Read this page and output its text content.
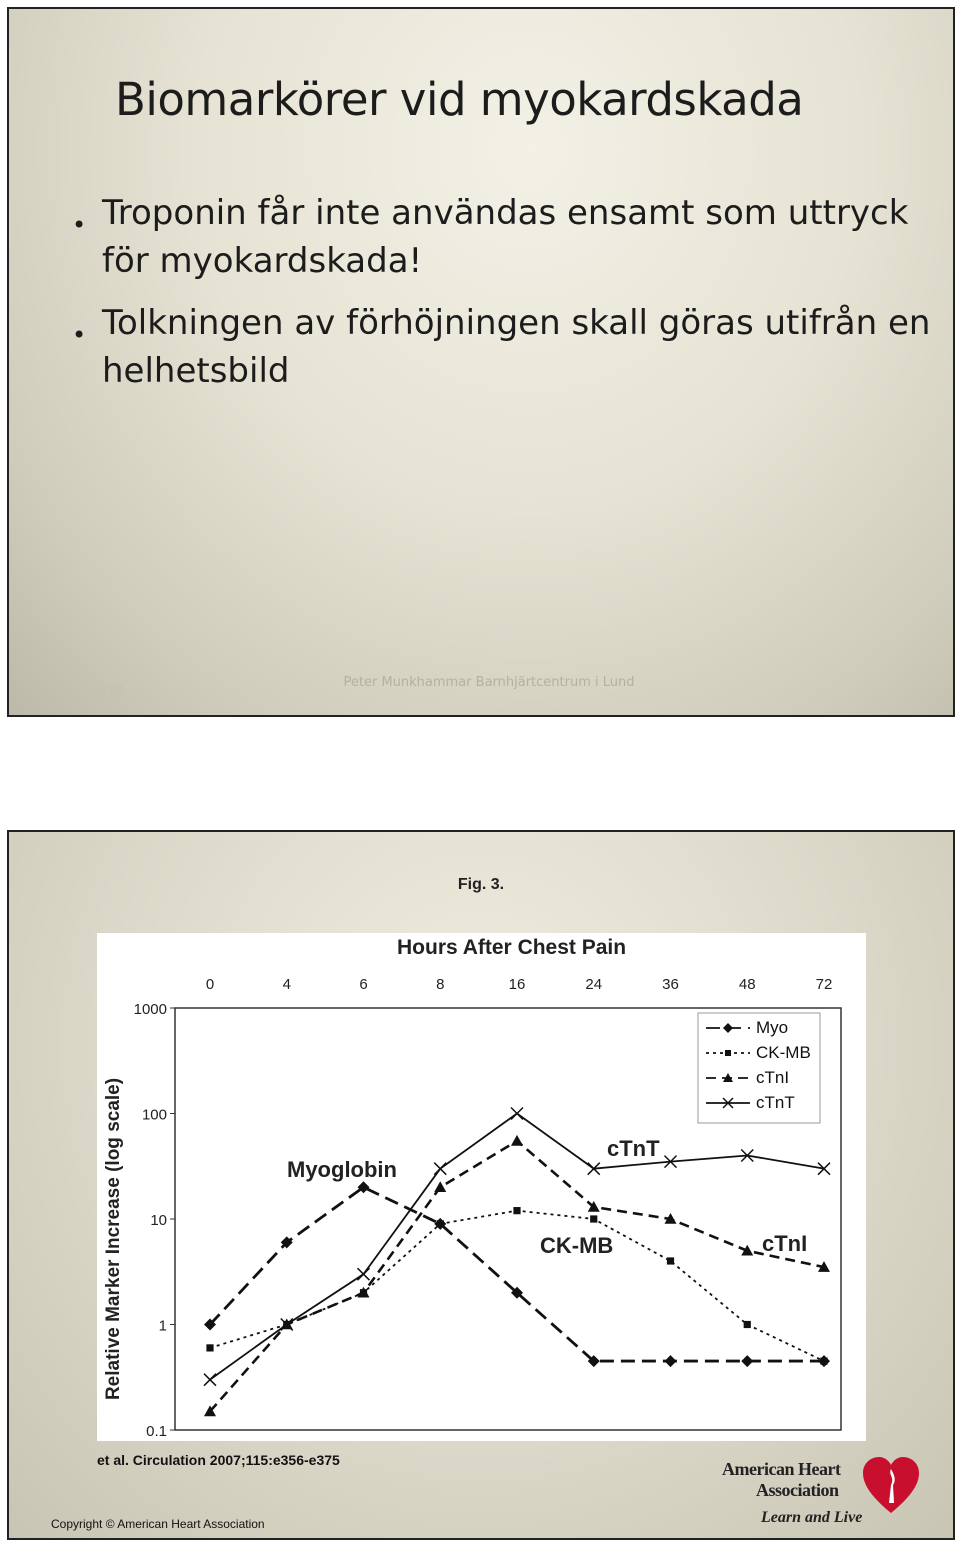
Biomarkörer vid myokardskada
• Troponin får inte användas ensamt som uttryck för myokardskada!
• Tolkningen av förhöjningen skall göras utifrån en helhetsbild
2013-10
Peter Munkhammar Barnhjärtcentrum i Lund
Fig. 3.
Hours After Chest Pain
0	4	6	8	16	24	36	48	72
0.1
1
10
100
1000
Relative Marker Increase (log scale)
Myo
CK-MB
cTnI
cTnT
Myoglobin
cTnT
CK-MB	cTnI
et al. Circulation 2007;115:e356-e375
Copyright © American Heart Association
American Heart
Association
Learn and Live
